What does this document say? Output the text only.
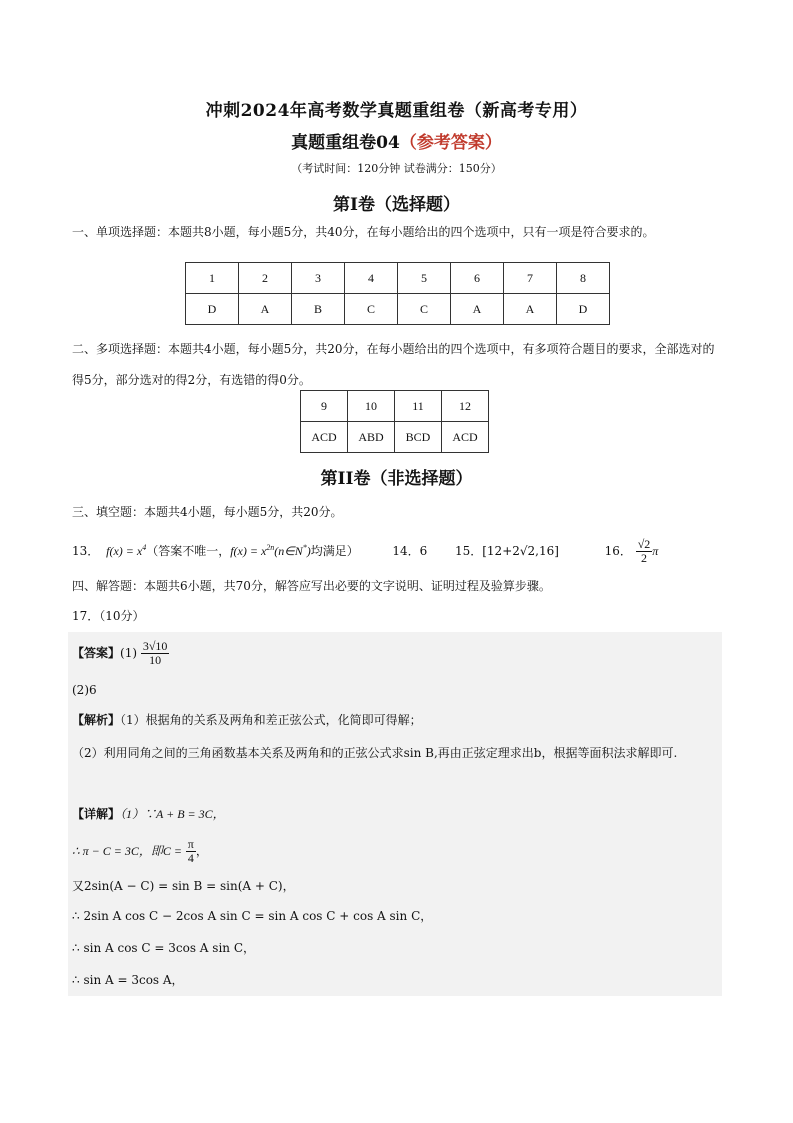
冲刺2024年高考数学真题重组卷（新高考专用）
真题重组卷04（参考答案）
（考试时间：120分钟 试卷满分：150分）
第I卷（选择题）
一、单项选择题：本题共8小题，每小题5分，共40分，在每小题给出的四个选项中，只有一项是符合要求的。
1	2	3	4	5	6	7	8
D	A	B	C	C	A	A	D
二、多项选择题：本题共4小题，每小题5分，共20分，在每小题给出的四个选项中，有多项符合题目的要求，全部选对的得5分，部分选对的得2分，有选错的得0分。
9	10	11	12
ACD	ABD	BCD	ACD
第II卷（非选择题）
三、填空题：本题共4小题，每小题5分，共20分。
13．  $f(x) = x^4$（答案不唯一，$f(x) = x^{2n}(n\in N^*)$均满足）	14．6 15．[12+2√2,16]	16． $\frac{√2}{2}$ π
四、解答题：本题共6小题，共70分，解答应写出必要的文字说明、证明过程及验算步骤。
17．（10分）
【答案】$(1) \frac{3√10}{10}$
(2)6
【解析】（1）根据角的关系及两角和差正弦公式，化简即可得解；
（2）利用同角之间的三角函数基本关系及两角和的正弦公式求sin B,再由正弦定理求出b，根据等面积法求解即可.
【详解】（1）∵A + B = 3C，
∴ π − C = 3C，即$C = \frac{\pi}{4}$ ，
又2sin(A − C) = sin B = sin(A + C)，
∴ 2sin A cos C − 2cos A sin C = sin A cos C + cos A sin C，
∴ sin A cos C = 3cos A sin C，
∴ sin A = 3cos A，
